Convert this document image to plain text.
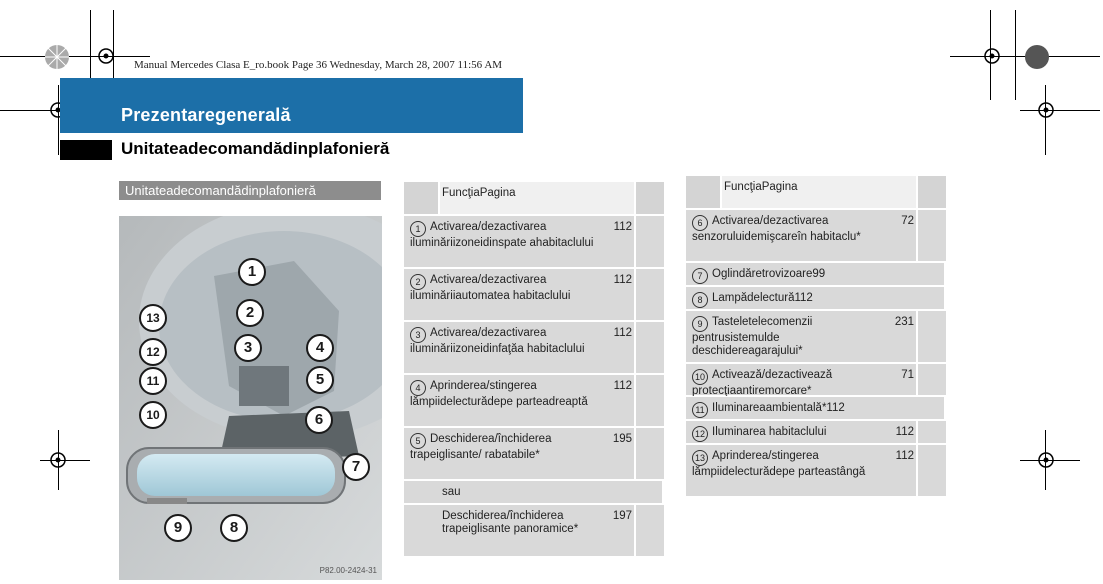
Manual Mercedes Clasa E_ro.book Page 36 Wednesday, March 28, 2007 11:56 AM
Prezentaregenerală
Unitateadecomandădinplafonieră
Unitateadecomandădinplafonieră
P82.00-2424-31
1
2
3	4
5
6
7
8
9
10
11
12
13
FuncţiaPagina
1 Activarea/dezactivarea iluminăriizoneidinspate ahabitaclului
112
2 Activarea/dezactivarea iluminăriiautomatea habitaclului
112
3 Activarea/dezactivarea iluminăriizoneidinfaţăa habitaclului
112
4 Aprinderea/stingerea lămpiidelecturădepe parteadreaptă
112
5 Deschiderea/închiderea trapeiglisante/ rabatabile*
195
sau
Deschiderea/închiderea trapeiglisante panoramice*
197
FuncţiaPagina
6 Activarea/dezactivarea senzoruluidemişcareîn habitaclu*
72
7 Oglindăretrovizoare99
8 Lampădelectură112
9 Tasteletelecomenzii pentrusistemulde deschidereagarajului*
231
10 Activează/dezactivează protecţiaantiremorcare*
71
11 Iluminareaambientală*112
12 Iluminarea habitaclului	112
13 Aprinderea/stingerea lămpiidelecturădepe parteastângă
112
